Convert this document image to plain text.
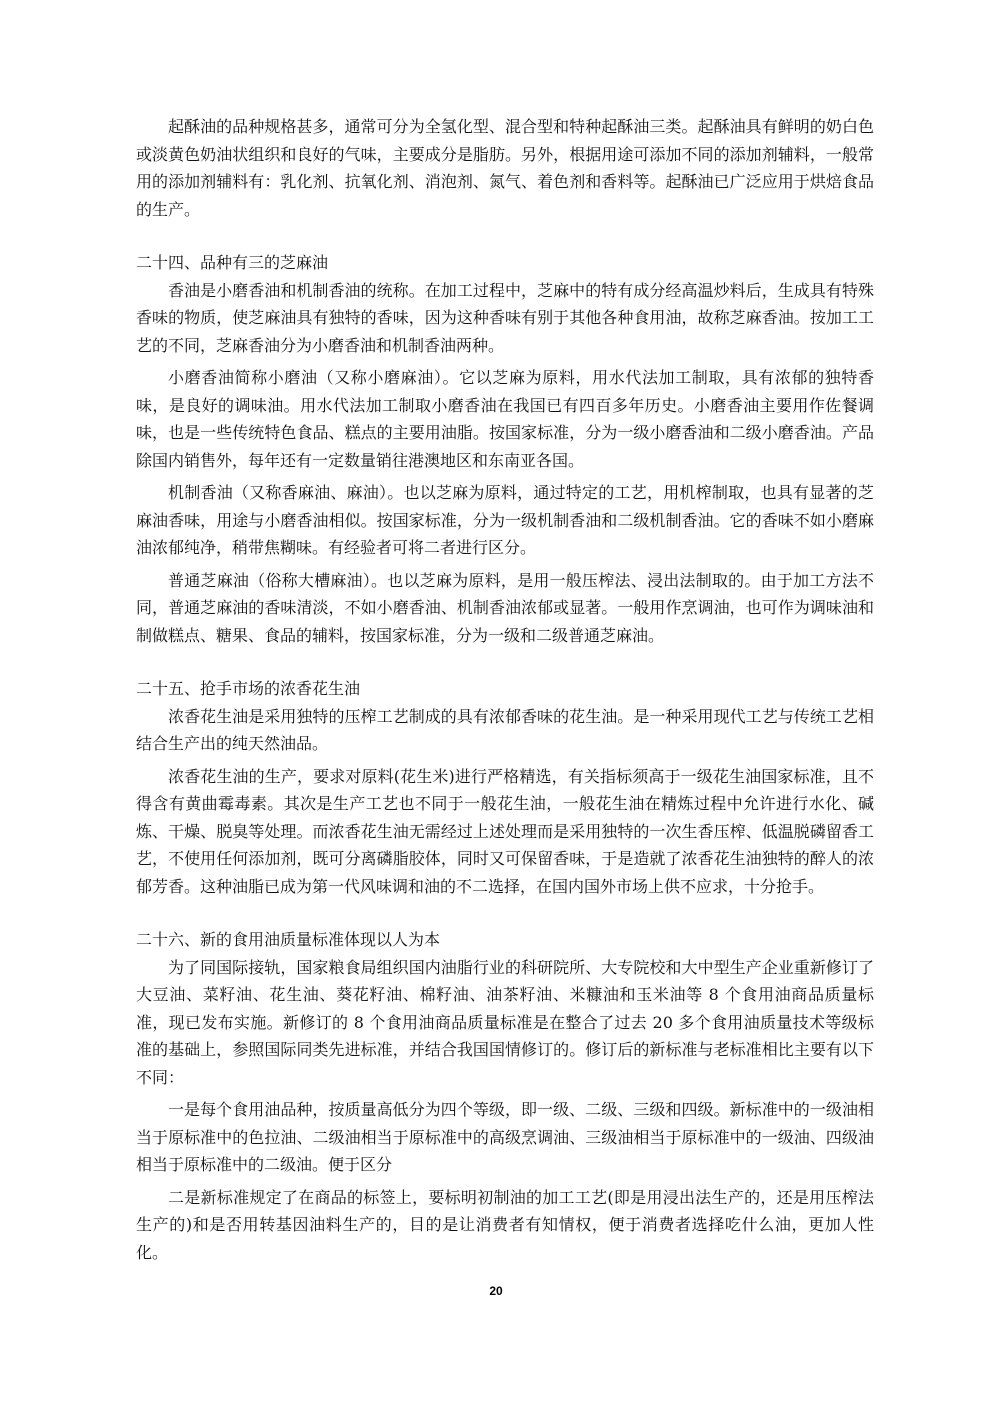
起酥油的品种规格甚多，通常可分为全氢化型、混合型和特种起酥油三类。起酥油具有鲜明的奶白色或淡黄色奶油状组织和良好的气味，主要成分是脂肪。另外，根据用途可添加不同的添加剂辅料，一般常用的添加剂辅料有：乳化剂、抗氧化剂、消泡剂、氮气、着色剂和香料等。起酥油已广泛应用于烘焙食品的生产。

二十四、品种有三的芝麻油

香油是小磨香油和机制香油的统称。在加工过程中，芝麻中的特有成分经高温炒料后，生成具有特殊香味的物质，使芝麻油具有独特的香味，因为这种香味有别于其他各种食用油，故称芝麻香油。按加工工艺的不同，芝麻香油分为小磨香油和机制香油两种。

小磨香油简称小磨油（又称小磨麻油）。它以芝麻为原料，用水代法加工制取，具有浓郁的独特香味，是良好的调味油。用水代法加工制取小磨香油在我国已有四百多年历史。小磨香油主要用作佐餐调味，也是一些传统特色食品、糕点的主要用油脂。按国家标准，分为一级小磨香油和二级小磨香油。产品除国内销售外，每年还有一定数量销往港澳地区和东南亚各国。

机制香油（又称香麻油、麻油）。也以芝麻为原料，通过特定的工艺，用机榨制取，也具有显著的芝麻油香味，用途与小磨香油相似。按国家标准，分为一级机制香油和二级机制香油。它的香味不如小磨麻油浓郁纯净，稍带焦糊味。有经验者可将二者进行区分。

普通芝麻油（俗称大槽麻油）。也以芝麻为原料，是用一般压榨法、浸出法制取的。由于加工方法不同，普通芝麻油的香味清淡，不如小磨香油、机制香油浓郁或显著。一般用作烹调油，也可作为调味油和制做糕点、糖果、食品的辅料，按国家标准，分为一级和二级普通芝麻油。

二十五、抢手市场的浓香花生油

浓香花生油是采用独特的压榨工艺制成的具有浓郁香味的花生油。是一种采用现代工艺与传统工艺相结合生产出的纯天然油品。

浓香花生油的生产，要求对原料(花生米)进行严格精选，有关指标须高于一级花生油国家标准，且不得含有黄曲霉毒素。其次是生产工艺也不同于一般花生油，一般花生油在精炼过程中允许进行水化、碱炼、干燥、脱臭等处理。而浓香花生油无需经过上述处理而是采用独特的一次生香压榨、低温脱磷留香工艺，不使用任何添加剂，既可分离磷脂胶体，同时又可保留香味，于是造就了浓香花生油独特的醉人的浓郁芳香。这种油脂已成为第一代风味调和油的不二选择，在国内国外市场上供不应求，十分抢手。

二十六、新的食用油质量标准体现以人为本

为了同国际接轨，国家粮食局组织国内油脂行业的科研院所、大专院校和大中型生产企业重新修订了大豆油、菜籽油、花生油、葵花籽油、棉籽油、油茶籽油、米糠油和玉米油等 8 个食用油商品质量标准，现已发布实施。新修订的 8 个食用油商品质量标准是在整合了过去 20 多个食用油质量技术等级标准的基础上，参照国际同类先进标准，并结合我国国情修订的。修订后的新标准与老标准相比主要有以下不同：

一是每个食用油品种，按质量高低分为四个等级，即一级、二级、三级和四级。新标准中的一级油相当于原标准中的色拉油、二级油相当于原标准中的高级烹调油、三级油相当于原标准中的一级油、四级油相当于原标准中的二级油。便于区分

二是新标准规定了在商品的标签上，要标明初制油的加工工艺(即是用浸出法生产的，还是用压榨法生产的)和是否用转基因油料生产的，目的是让消费者有知情权，便于消费者选择吃什么油，更加人性化。

20
